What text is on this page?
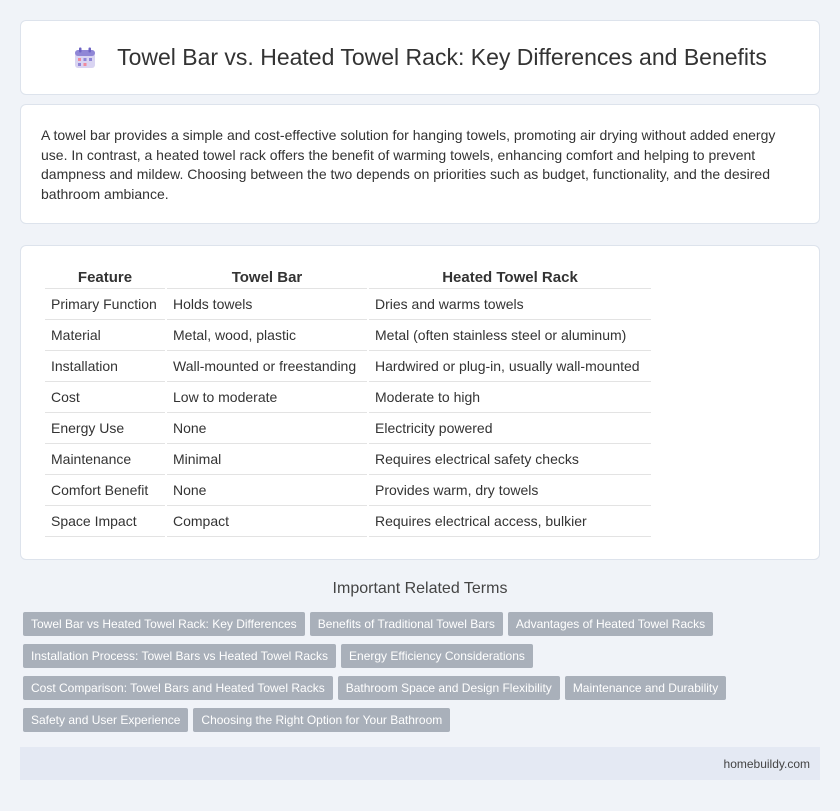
Towel Bar vs. Heated Towel Rack: Key Differences and Benefits

A towel bar provides a simple and cost-effective solution for hanging towels, promoting air drying without added energy use. In contrast, a heated towel rack offers the benefit of warming towels, enhancing comfort and helping to prevent dampness and mildew. Choosing between the two depends on priorities such as budget, functionality, and the desired bathroom ambiance.

Feature	Towel Bar	Heated Towel Rack
Primary Function	Holds towels	Dries and warms towels
Material	Metal, wood, plastic	Metal (often stainless steel or aluminum)
Installation	Wall-mounted or freestanding	Hardwired or plug-in, usually wall-mounted
Cost	Low to moderate	Moderate to high
Energy Use	None	Electricity powered
Maintenance	Minimal	Requires electrical safety checks
Comfort Benefit	None	Provides warm, dry towels
Space Impact	Compact	Requires electrical access, bulkier
Important Related Terms
Towel Bar vs Heated Towel Rack: Key Differences Benefits of Traditional Towel Bars Advantages of Heated Towel Racks
Installation Process: Towel Bars vs Heated Towel Racks Energy Efficiency Considerations
Cost Comparison: Towel Bars and Heated Towel Racks Bathroom Space and Design Flexibility Maintenance and Durability
Safety and User Experience Choosing the Right Option for Your Bathroom
homebuildy.com
